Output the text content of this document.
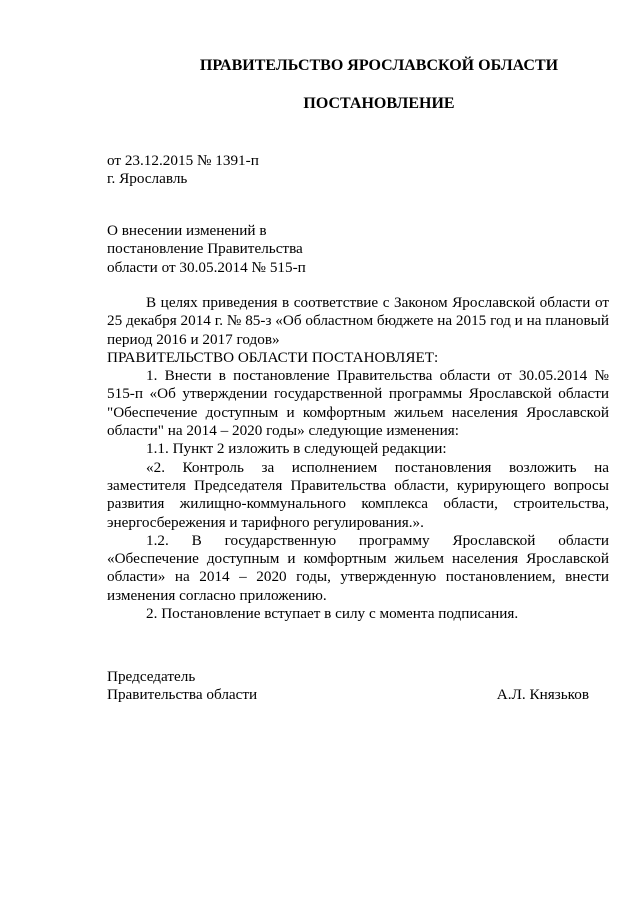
ПРАВИТЕЛЬСТВО ЯРОСЛАВСКОЙ ОБЛАСТИ
ПОСТАНОВЛЕНИЕ
от 23.12.2015 № 1391-п
г. Ярославль
О внесении изменений в
постановление Правительства
области от 30.05.2014 № 515-п

В целях приведения в соответствие с Законом Ярославской области от 25 декабря 2014 г. № 85-з «Об областном бюджете на 2015 год и на плановый период 2016 и 2017 годов»

ПРАВИТЕЛЬСТВО ОБЛАСТИ ПОСТАНОВЛЯЕТ:

1. Внести в постановление Правительства области от 30.05.2014 № 515-п «Об утверждении государственной программы Ярославской области "Обеспечение доступным и комфортным жильем населения Ярославской области" на 2014 – 2020 годы» следующие изменения:

1.1. Пункт 2 изложить в следующей редакции:

«2. Контроль за исполнением постановления возложить на заместителя Председателя Правительства области, курирующего вопросы развития жилищно-коммунального комплекса области, строительства, энергосбережения и тарифного регулирования.».

1.2. В государственную программу Ярославской области «Обеспечение доступным и комфортным жильем населения Ярославской области» на 2014 – 2020 годы, утвержденную постановлением, внести изменения согласно приложению.

2. Постановление вступает в силу с момента подписания.

Председатель
Правительства области	А.Л. Князьков
